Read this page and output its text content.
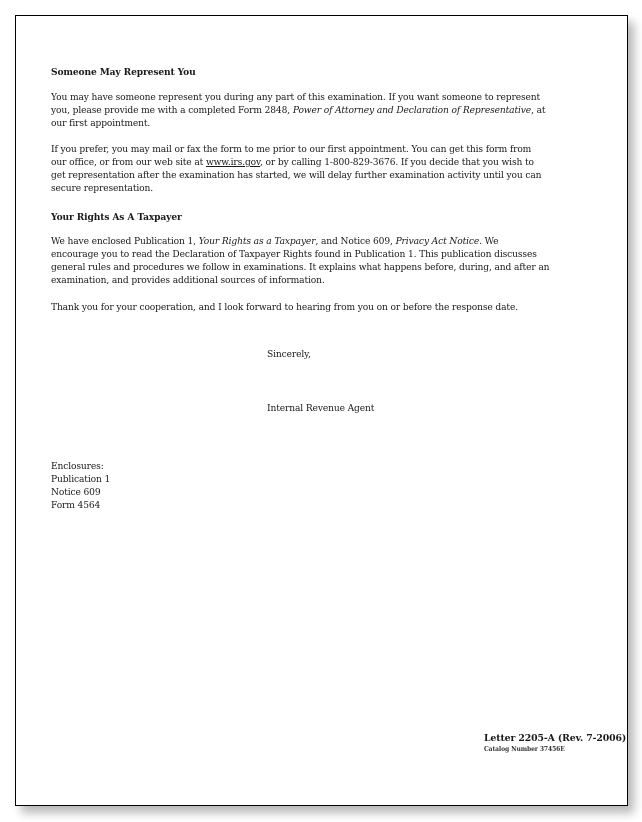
Someone May Represent You
You may have someone represent you during any part of this examination. If you want someone to represent
you, please provide me with a completed Form 2848, Power of Attorney and Declaration of Representative, at
our first appointment.
If you prefer, you may mail or fax the form to me prior to our first appointment. You can get this form from
our office, or from our web site at www.irs.gov, or by calling 1-800-829-3676. If you decide that you wish to
get representation after the examination has started, we will delay further examination activity until you can
secure representation.
Your Rights As A Taxpayer
We have enclosed Publication 1, Your Rights as a Taxpayer, and Notice 609, Privacy Act Notice. We
encourage you to read the Declaration of Taxpayer Rights found in Publication 1. This publication discusses
general rules and procedures we follow in examinations. It explains what happens before, during, and after an
examination, and provides additional sources of information.
Thank you for your cooperation, and I look forward to hearing from you on or before the response date.
Enclosures:
Publication 1
Notice 609
Form 4564
Sincerely,
Internal Revenue Agent
Letter 2205-A (Rev. 7-2006)
Catalog Number 37456E
